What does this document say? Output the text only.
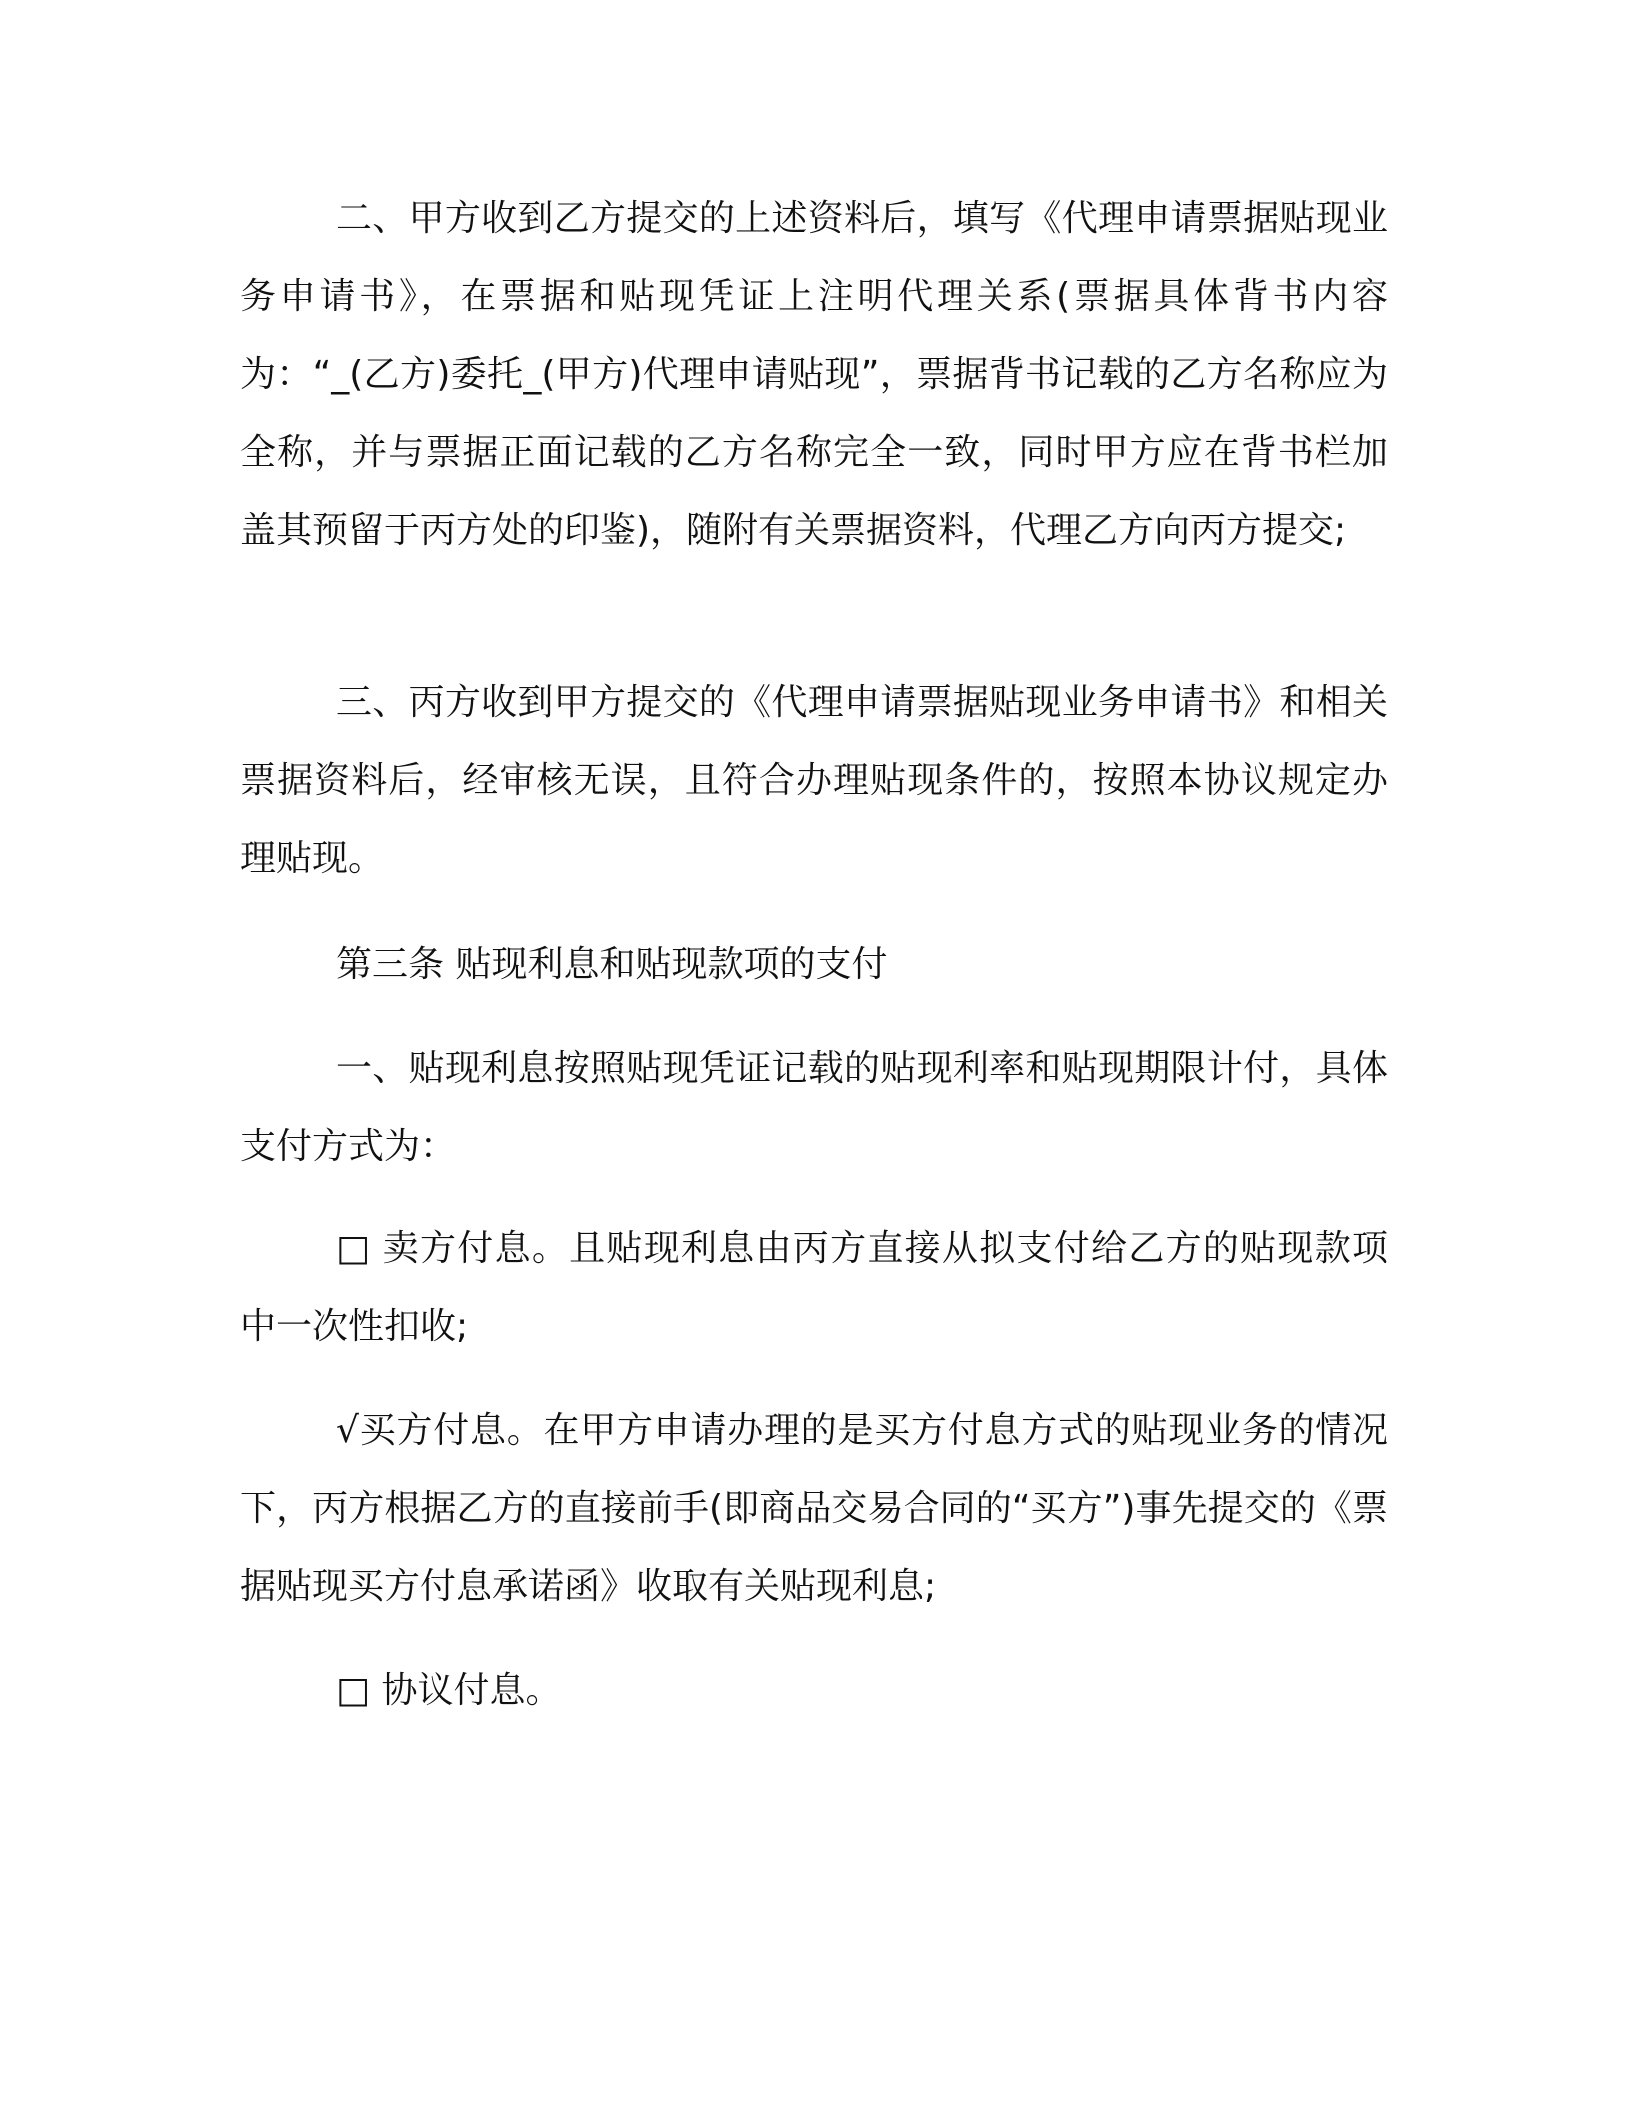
二、甲方收到乙方提交的上述资料后，填写《代理申请票据贴现业务申请书》，在票据和贴现凭证上注明代理关系(票据具体背书内容为：“_(乙方)委托_(甲方)代理申请贴现”，票据背书记载的乙方名称应为全称，并与票据正面记载的乙方名称完全一致，同时甲方应在背书栏加盖其预留于丙方处的印鉴)，随附有关票据资料，代理乙方向丙方提交;

三、丙方收到甲方提交的《代理申请票据贴现业务申请书》和相关票据资料后，经审核无误，且符合办理贴现条件的，按照本协议规定办理贴现。

第三条 贴现利息和贴现款项的支付

一、贴现利息按照贴现凭证记载的贴现利率和贴现期限计付，具体支付方式为：

□ 卖方付息。且贴现利息由丙方直接从拟支付给乙方的贴现款项中一次性扣收;

√买方付息。在甲方申请办理的是买方付息方式的贴现业务的情况下，丙方根据乙方的直接前手(即商品交易合同的“买方”)事先提交的《票据贴现买方付息承诺函》收取有关贴现利息;

□ 协议付息。
